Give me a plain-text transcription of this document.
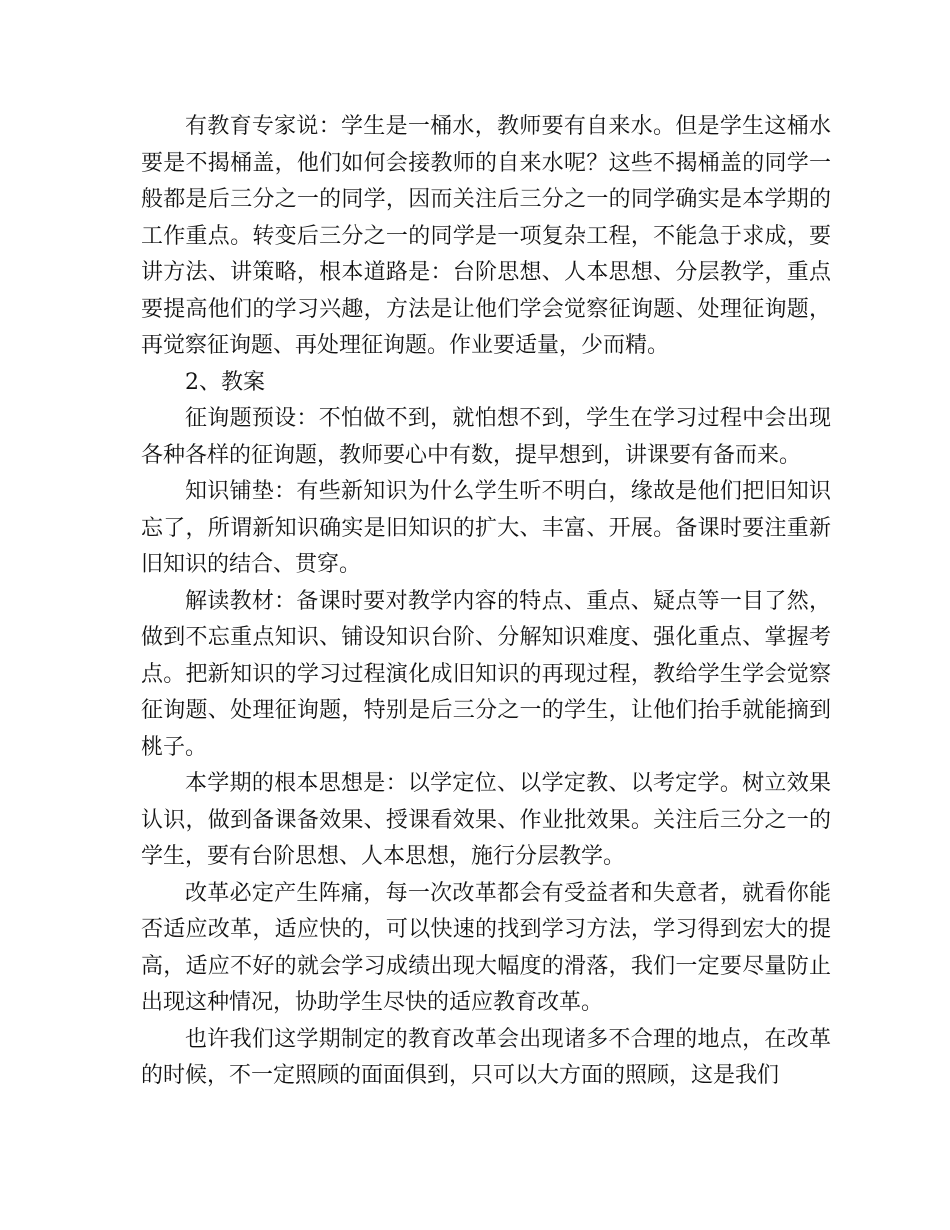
有教育专家说：学生是一桶水，教师要有自来水。但是学生这桶水要是不揭桶盖，他们如何会接教师的自来水呢？这些不揭桶盖的同学一般都是后三分之一的同学，因而关注后三分之一的同学确实是本学期的工作重点。转变后三分之一的同学是一项复杂工程，不能急于求成，要讲方法、讲策略，根本道路是：台阶思想、人本思想、分层教学，重点要提高他们的学习兴趣，方法是让他们学会觉察征询题、处理征询题，再觉察征询题、再处理征询题。作业要适量，少而精。

2、教案

征询题预设：不怕做不到，就怕想不到，学生在学习过程中会出现各种各样的征询题，教师要心中有数，提早想到，讲课要有备而来。

知识铺垫：有些新知识为什么学生听不明白，缘故是他们把旧知识忘了，所谓新知识确实是旧知识的扩大、丰富、开展。备课时要注重新旧知识的结合、贯穿。

解读教材：备课时要对教学内容的特点、重点、疑点等一目了然，做到不忘重点知识、铺设知识台阶、分解知识难度、强化重点、掌握考点。把新知识的学习过程演化成旧知识的再现过程，教给学生学会觉察征询题、处理征询题，特别是后三分之一的学生，让他们抬手就能摘到桃子。

本学期的根本思想是：以学定位、以学定教、以考定学。树立效果认识，做到备课备效果、授课看效果、作业批效果。关注后三分之一的学生，要有台阶思想、人本思想，施行分层教学。

改革必定产生阵痛，每一次改革都会有受益者和失意者，就看你能否适应改革，适应快的，可以快速的找到学习方法，学习得到宏大的提高，适应不好的就会学习成绩出现大幅度的滑落，我们一定要尽量防止出现这种情况，协助学生尽快的适应教育改革。

也许我们这学期制定的教育改革会出现诸多不合理的地点，在改革的时候，不一定照顾的面面俱到，只可以大方面的照顾，这是我们
